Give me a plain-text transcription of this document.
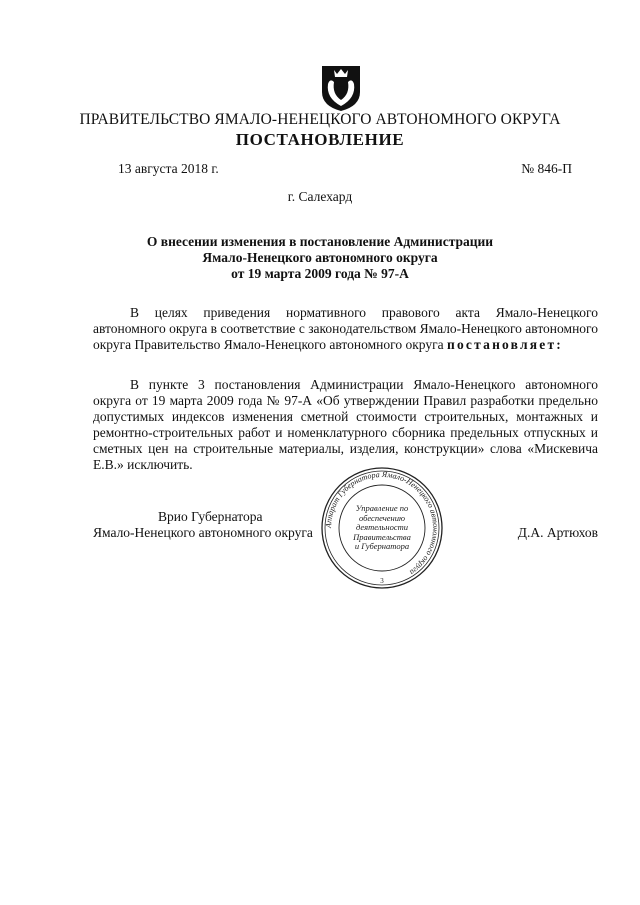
ПРАВИТЕЛЬСТВО ЯМАЛО-НЕНЕЦКОГО АВТОНОМНОГО ОКРУГА
ПОСТАНОВЛЕНИЕ
13 августа 2018 г.	№ 846-П
г. Салехард
О внесении изменения в постановление Администрации
Ямало-Ненецкого автономного округа
от 19 марта 2009 года № 97-А

В целях приведения нормативного правового акта Ямало-Ненецкого автономного округа в соответствие с законодательством Ямало-Ненецкого автономного округа Правительство Ямало-Ненецкого автономного округа постановляет:

В пункте 3 постановления Администрации Ямало-Ненецкого автономного округа от 19 марта 2009 года № 97-А «Об утверждении Правил разработки предельно допустимых индексов изменения сметной стоимости строительных, монтажных и ремонтно-строительных работ и номенклатурного сборника предельных отпускных и сметных цен на строительные материалы, изделия, конструкции» слова «Мискевича Е.В.» исключить.

Врио Губернатора
Ямало-Ненецкого автономного округа	Д.А. Артюхов
Аппарат Губернатора Ямало-Ненецкого автономного округа
3
Управление по
обеспечению
деятельности
Правительства
и Губернатора
